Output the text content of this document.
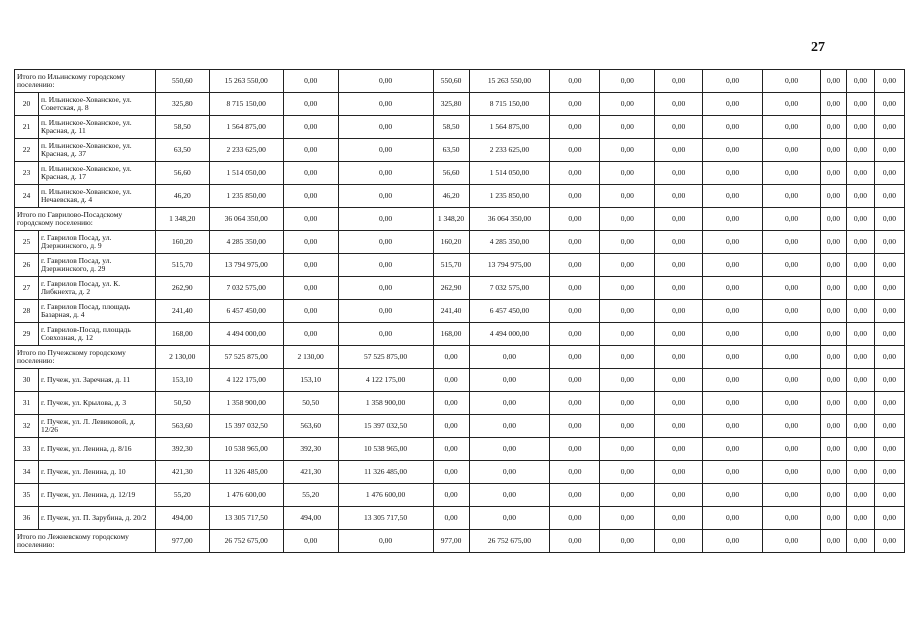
27
Итого по Ильинскому городскому поселению:		550,60	15 263 550,00	0,00	0,00	550,60	15 263 550,00	0,00	0,00	0,00	0,00	0,00	0,00	0,00	0,00
20	п. Ильинское-Хованское, ул. Советская, д. 8	325,80	8 715 150,00	0,00	0,00	325,80	8 715 150,00	0,00	0,00	0,00	0,00	0,00	0,00	0,00	0,00
21	п. Ильинское-Хованское, ул. Красная, д. 11	58,50	1 564 875,00	0,00	0,00	58,50	1 564 875,00	0,00	0,00	0,00	0,00	0,00	0,00	0,00	0,00
22	п. Ильинское-Хованское, ул. Красная, д. 37	63,50	2 233 625,00	0,00	0,00	63,50	2 233 625,00	0,00	0,00	0,00	0,00	0,00	0,00	0,00	0,00
23	п. Ильинское-Хованское, ул. Красная, д. 17	56,60	1 514 050,00	0,00	0,00	56,60	1 514 050,00	0,00	0,00	0,00	0,00	0,00	0,00	0,00	0,00
24	п. Ильинское-Хованское, ул. Нечаевская, д. 4	46,20	1 235 850,00	0,00	0,00	46,20	1 235 850,00	0,00	0,00	0,00	0,00	0,00	0,00	0,00	0,00
Итого по Гаврилово-Посадскому городскому поселению:		1 348,20	36 064 350,00	0,00	0,00	1 348,20	36 064 350,00	0,00	0,00	0,00	0,00	0,00	0,00	0,00	0,00
25	г. Гаврилов Посад, ул. Дзержинского, д. 9	160,20	4 285 350,00	0,00	0,00	160,20	4 285 350,00	0,00	0,00	0,00	0,00	0,00	0,00	0,00	0,00
26	г. Гаврилов Посад, ул. Дзержинского, д. 29	515,70	13 794 975,00	0,00	0,00	515,70	13 794 975,00	0,00	0,00	0,00	0,00	0,00	0,00	0,00	0,00
27	г. Гаврилов Посад, ул. К. Либкнехта, д. 2	262,90	7 032 575,00	0,00	0,00	262,90	7 032 575,00	0,00	0,00	0,00	0,00	0,00	0,00	0,00	0,00
28	г. Гаврилов Посад, площадь Базарная, д. 4	241,40	6 457 450,00	0,00	0,00	241,40	6 457 450,00	0,00	0,00	0,00	0,00	0,00	0,00	0,00	0,00
29	г. Гаврилов-Посад, площадь Совхозная, д. 12	168,00	4 494 000,00	0,00	0,00	168,00	4 494 000,00	0,00	0,00	0,00	0,00	0,00	0,00	0,00	0,00
Итого по Пучежскому городскому поселению:		2 130,00	57 525 875,00	2 130,00	57 525 875,00	0,00	0,00	0,00	0,00	0,00	0,00	0,00	0,00	0,00	0,00
30	г. Пучеж, ул. Заречная, д. 11	153,10	4 122 175,00	153,10	4 122 175,00	0,00	0,00	0,00	0,00	0,00	0,00	0,00	0,00	0,00	0,00
31	г. Пучеж, ул. Крылова, д. 3	50,50	1 358 900,00	50,50	1 358 900,00	0,00	0,00	0,00	0,00	0,00	0,00	0,00	0,00	0,00	0,00
32	г. Пучеж, ул. Л. Левиковой, д. 12/26	563,60	15 397 032,50	563,60	15 397 032,50	0,00	0,00	0,00	0,00	0,00	0,00	0,00	0,00	0,00	0,00
33	г. Пучеж, ул. Ленина, д. 8/16	392,30	10 538 965,00	392,30	10 538 965,00	0,00	0,00	0,00	0,00	0,00	0,00	0,00	0,00	0,00	0,00
34	г. Пучеж, ул. Ленина, д. 10	421,30	11 326 485,00	421,30	11 326 485,00	0,00	0,00	0,00	0,00	0,00	0,00	0,00	0,00	0,00	0,00
35	г. Пучеж, ул. Ленина, д. 12/19	55,20	1 476 600,00	55,20	1 476 600,00	0,00	0,00	0,00	0,00	0,00	0,00	0,00	0,00	0,00	0,00
36	г. Пучеж, ул. П. Зарубина, д. 20/2	494,00	13 305 717,50	494,00	13 305 717,50	0,00	0,00	0,00	0,00	0,00	0,00	0,00	0,00	0,00	0,00
Итого по Лежневскому городскому поселению:		977,00	26 752 675,00	0,00	0,00	977,00	26 752 675,00	0,00	0,00	0,00	0,00	0,00	0,00	0,00	0,00
